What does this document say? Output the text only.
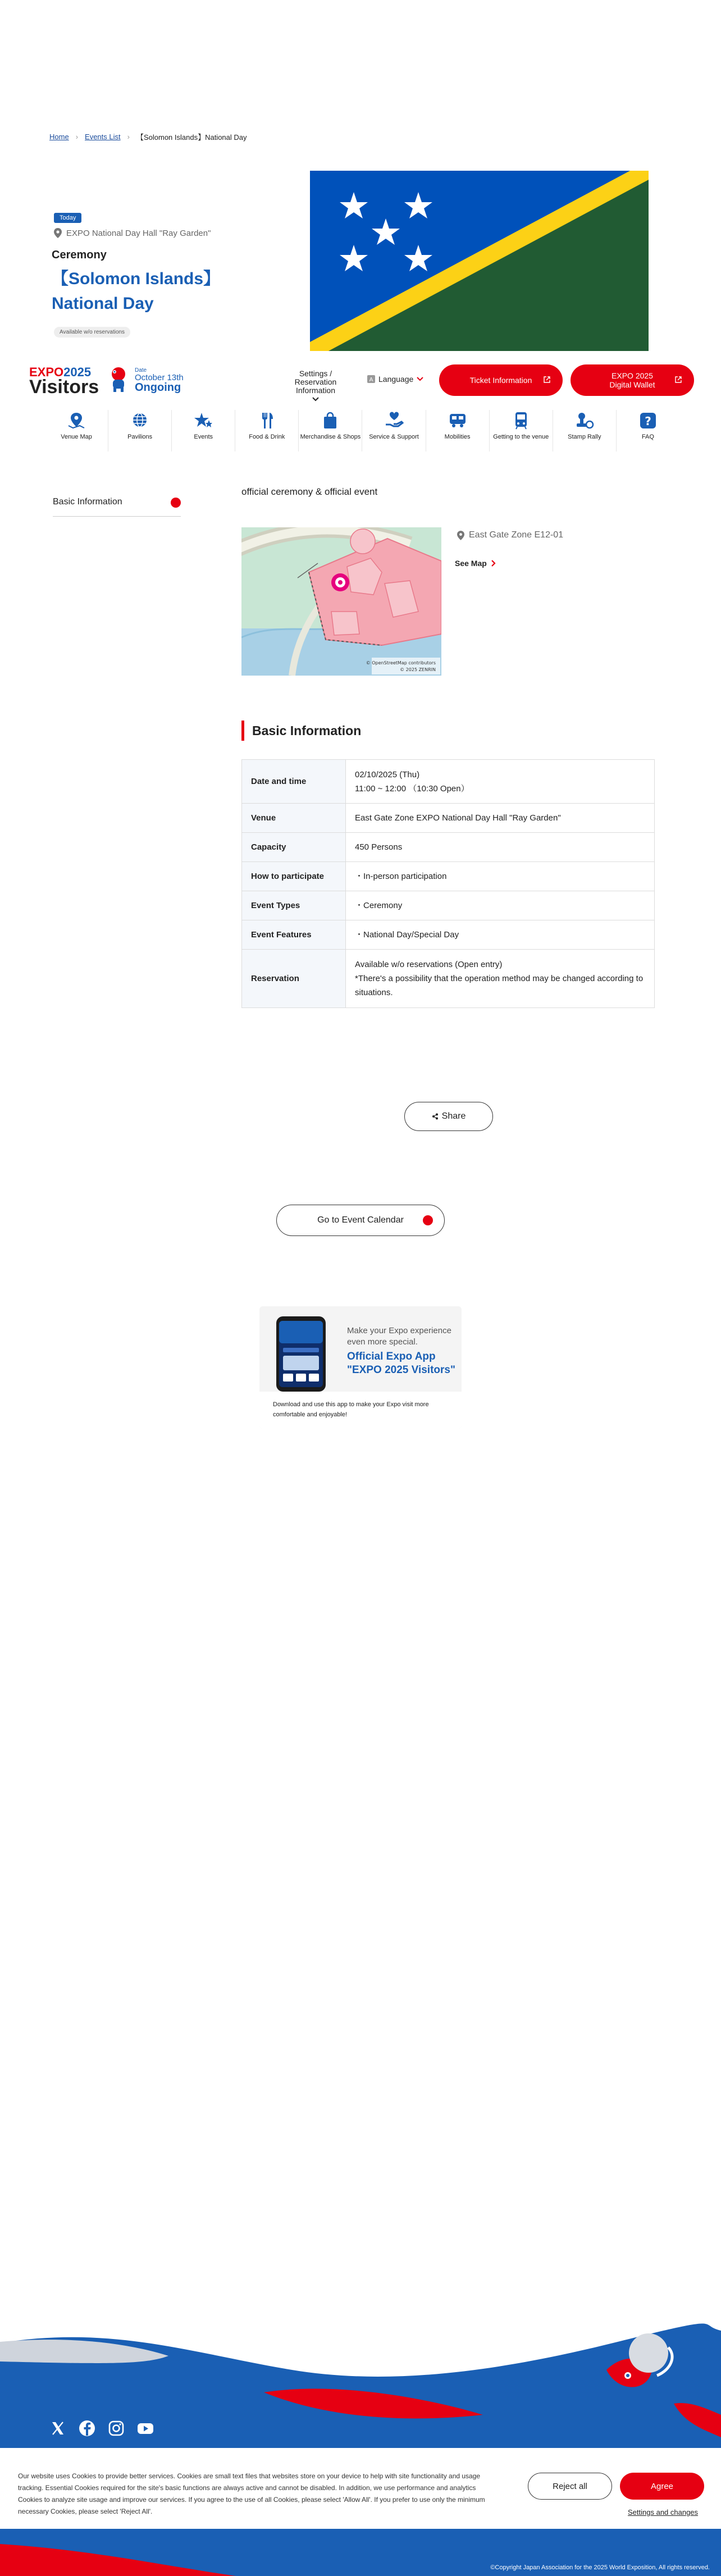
Home › Events List › 【Solomon Islands】National Day
Today
EXPO National Day Hall "Ray Garden"
Ceremony
【Solomon Islands】
National Day
Available w/o reservations
EXPO2025
Visitors
Date
October 13th
Ongoing
Settings / Reservation Information
A Language	Ticket Information	EXPO 2025 Digital Wallet
Venue Map	Pavilions	Events	Food & Drink Merchandise & Shops Service & Support	Mobilities	Getting to the venue	Stamp Rally
?
FAQ
Basic Information
official ceremony & official event
© OpenStreetMap contributors
© 2025 ZENRIN
East Gate Zone E12-01
See Map
Basic Information
Date and time	02/10/2025 (Thu)
11:00 ~ 12:00 （10:30 Open）

Venue	East Gate Zone EXPO National Day Hall "Ray Garden"
Capacity	450 Persons
How to participate	・In-person participation
Event Types	・Ceremony
Event Features	・National Day/Special Day
Reservation	Available w/o reservations (Open entry)
*There's a possibility that the operation method may be changed according to situations.
Share
Go to Event Calendar
Make your Expo experience even more special.
Official Expo App
"EXPO 2025 Visitors"
Download and use this app to make your Expo visit more comfortable and enjoyable!
Our website uses Cookies to provide better services. Cookies are small text files that websites store on your device to help with site functionality and usage tracking. Essential Cookies required for the site's basic functions are always active and cannot be disabled. In addition, we use performance and analytics Cookies to analyze site usage and improve our services. If you agree to the use of all Cookies, please select 'Allow All'. If you prefer to use only the minimum necessary Cookies, please select 'Reject All'.
Reject all	Agree
Settings and changes
©Copyright Japan Association for the 2025 World Exposition, All rights reserved.
